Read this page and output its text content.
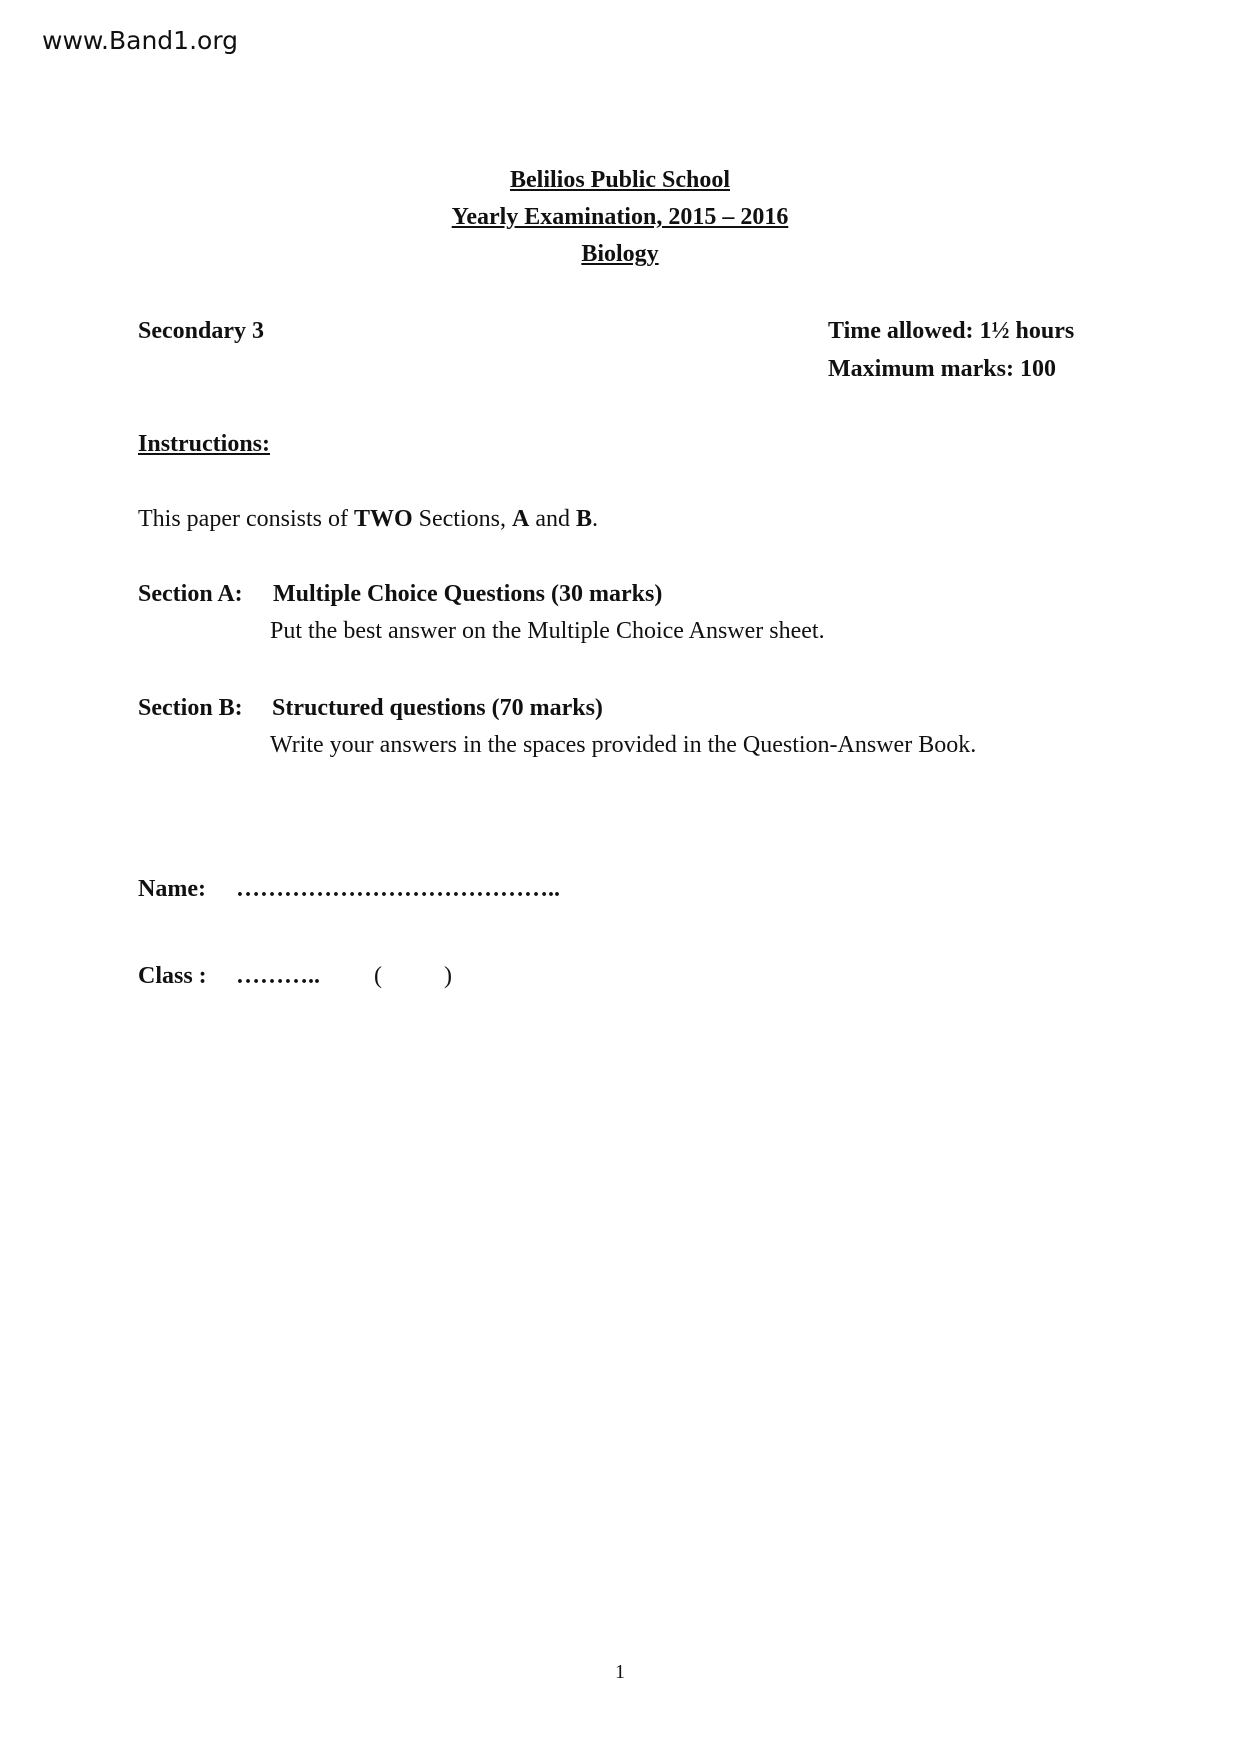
www.Band1.org
Belilios Public School
Yearly Examination, 2015 – 2016
Biology
Secondary 3	Time allowed: 1½ hours
Maximum marks: 100
Instructions:
This paper consists of TWO Sections, A and B.
Section A: Multiple Choice Questions (30 marks)
Put the best answer on the Multiple Choice Answer sheet.
Section B: Structured questions (70 marks)
Write your answers in the spaces provided in the Question-Answer Book.
Name: …………………………………..
Class : ……….. (	)
1
